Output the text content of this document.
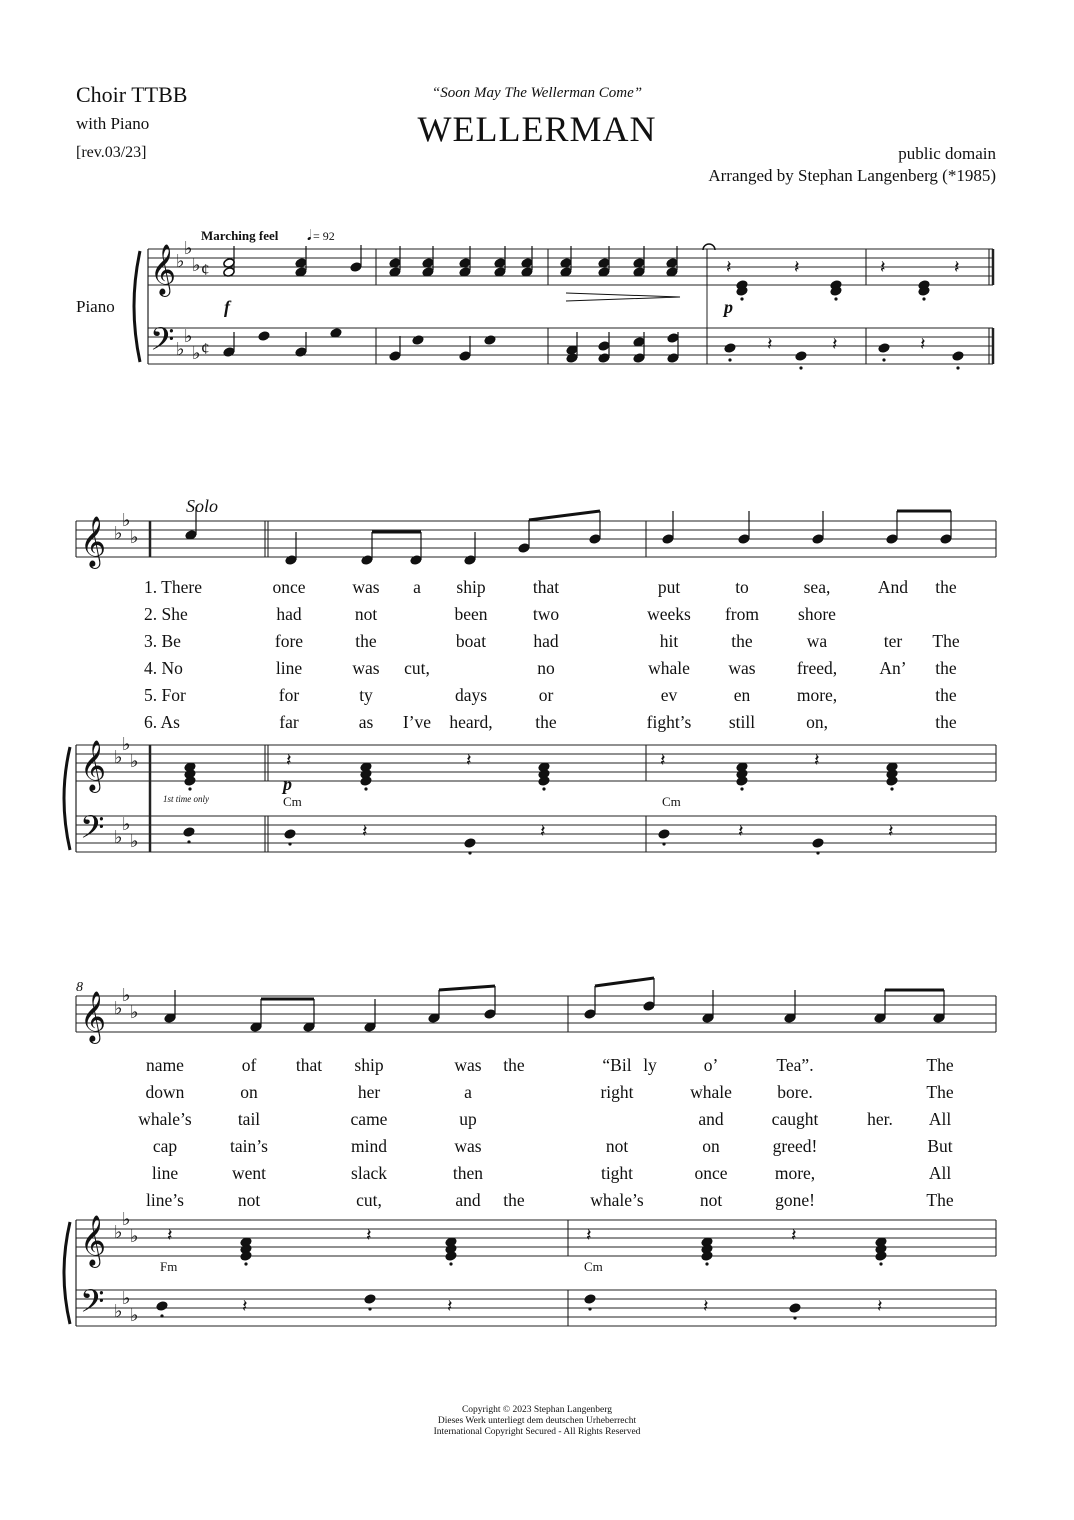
Choir TTBB
with Piano
[rev.03/23]
“Soon May The Wellerman Come”
WELLERMAN
public domain
Arranged by Stephan Langenberg (*1985)
𝄞
𝄢
♭
♭
♭
♭
♭
♭
¢
¢
𝄞
𝄞
𝄢
♭
♭
♭
♭
♭
♭
♭
♭
♭
𝄞
𝄞
𝄢
♭
♭
♭
♭
♭
♭
♭
♭
♭
𝄽	𝄽	𝄽	𝄽
𝄽	𝄽	𝄽
𝄽	𝄽	𝄽	𝄽
𝄽	𝄽	𝄽	𝄽
𝄽	𝄽	𝄽	𝄽
𝄽	𝄽	𝄽	𝄽
Piano
Marching feel 𝅘𝅥 = 92
f	p
Solo
1st time only
p
Cm	Cm
1. There	once	was a ship	that	put	to	sea,	And the
2. She	had	not	been	two	weeks from shore
3. Be	fore	the	boat	had	hit	the	wa	ter The
4. No	line	was cut,	no	whale was freed, An’ the
5. For	for	ty	days	or	ev	en	more,	the
6. As	far	as I’ve heard, the	fight’s still	on,	the
8
Fm	Cm
name	of that ship	was the	“Bil ly	o’	Tea”.	The
down	on	her	a	right	whale	bore.	The
whale’s	tail	came	up	and	caught	her. All
cap	tain’s	mind	was	not	on	greed!	But
line	went	slack	then	tight	once	more,	All
line’s	not	cut,	and the	whale’s	not	gone!	The
Copyright © 2023 Stephan Langenberg
Dieses Werk unterliegt dem deutschen Urheberrecht
International Copyright Secured - All Rights Reserved
